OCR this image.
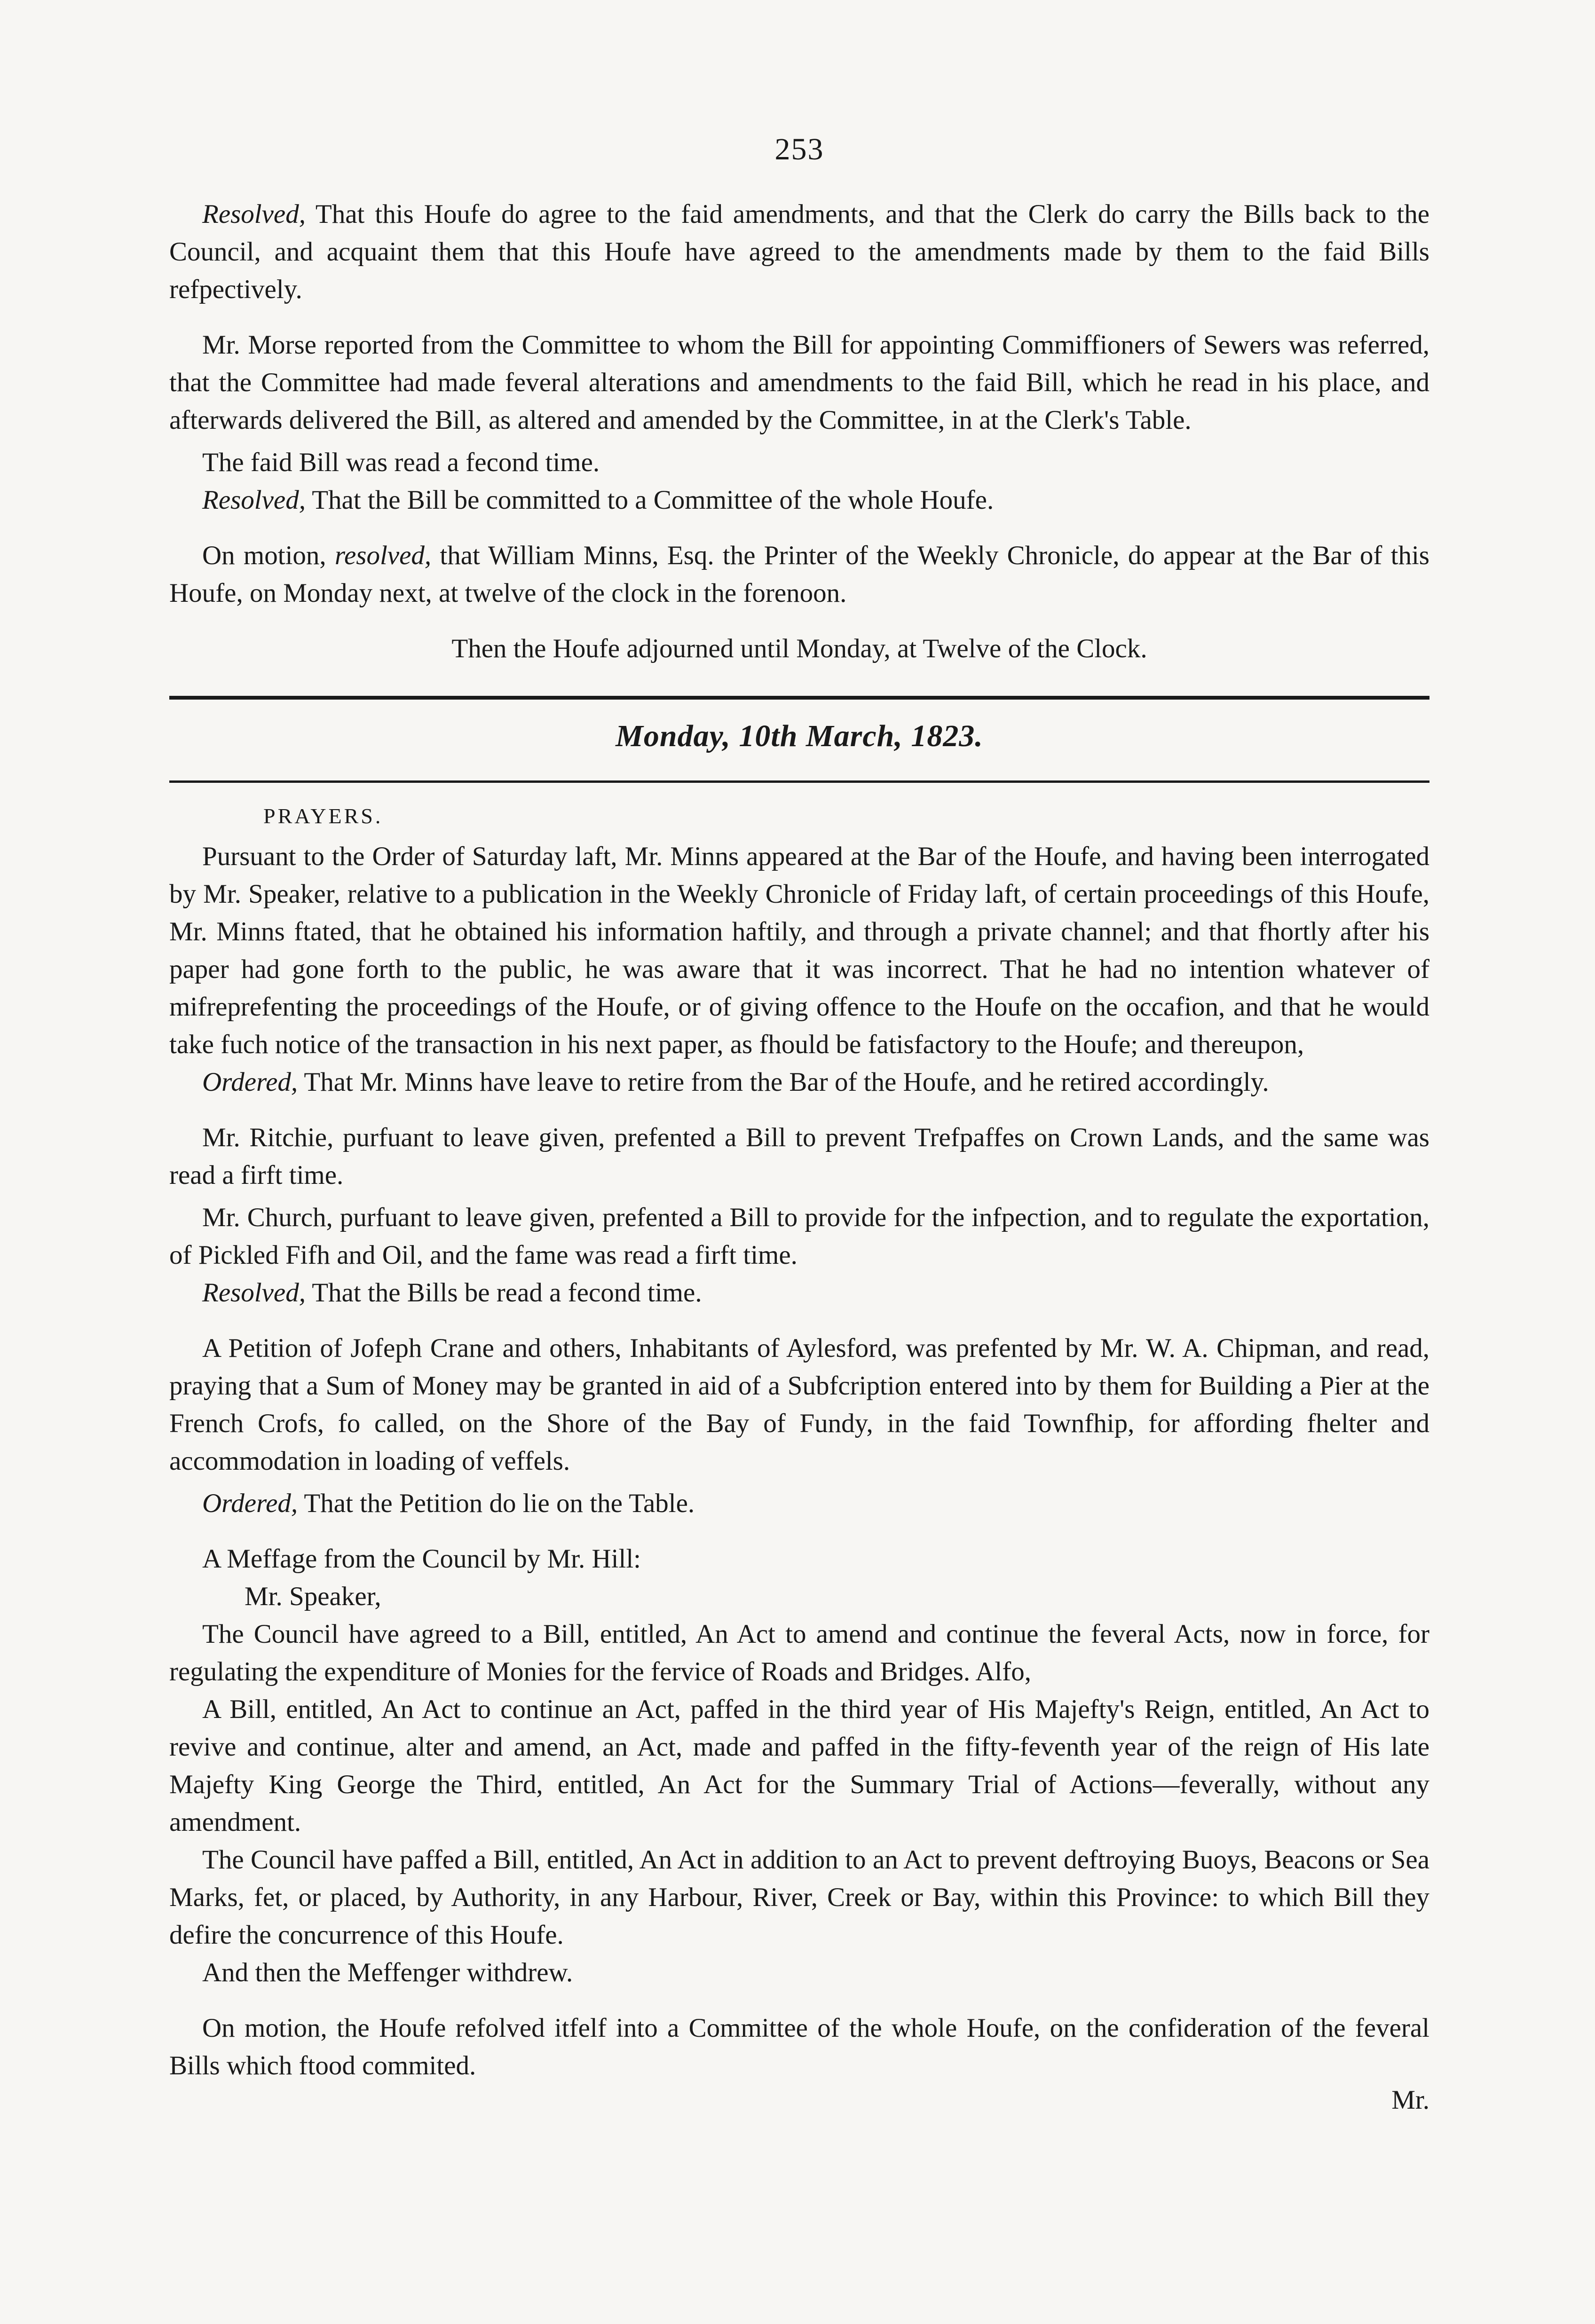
253

Resolved, That this Houfe do agree to the faid amendments, and that the Clerk do carry the Bills back to the Council, and acquaint them that this Houfe have agreed to the amendments made by them to the faid Bills refpectively.

Mr. Morse reported from the Committee to whom the Bill for appointing Commiffioners of Sewers was referred, that the Committee had made feveral alterations and amendments to the faid Bill, which he read in his place, and afterwards delivered the Bill, as altered and amended by the Committee, in at the Clerk's Table.

The faid Bill was read a fecond time.

Resolved, That the Bill be committed to a Committee of the whole Houfe.

On motion, resolved, that William Minns, Esq. the Printer of the Weekly Chronicle, do appear at the Bar of this Houfe, on Monday next, at twelve of the clock in the forenoon.

Then the Houfe adjourned until Monday, at Twelve of the Clock.

Monday, 10th March, 1823.
PRAYERS.

Pursuant to the Order of Saturday laft, Mr. Minns appeared at the Bar of the Houfe, and having been interrogated by Mr. Speaker, relative to a publication in the Weekly Chronicle of Friday laft, of certain proceedings of this Houfe, Mr. Minns ftated, that he obtained his information haftily, and through a private channel; and that fhortly after his paper had gone forth to the public, he was aware that it was incorrect. That he had no intention whatever of mifreprefenting the proceedings of the Houfe, or of giving offence to the Houfe on the occafion, and that he would take fuch notice of the transaction in his next paper, as fhould be fatisfactory to the Houfe; and thereupon,

Ordered, That Mr. Minns have leave to retire from the Bar of the Houfe, and he retired accordingly.

Mr. Ritchie, purfuant to leave given, prefented a Bill to prevent Trefpaffes on Crown Lands, and the same was read a firft time.

Mr. Church, purfuant to leave given, prefented a Bill to provide for the infpection, and to regulate the exportation, of Pickled Fifh and Oil, and the fame was read a firft time.

Resolved, That the Bills be read a fecond time.

A Petition of Jofeph Crane and others, Inhabitants of Aylesford, was prefented by Mr. W. A. Chipman, and read, praying that a Sum of Money may be granted in aid of a Subfcription entered into by them for Building a Pier at the French Crofs, fo called, on the Shore of the Bay of Fundy, in the faid Townfhip, for affording fhelter and accommodation in loading of veffels.

Ordered, That the Petition do lie on the Table.

A Meffage from the Council by Mr. Hill:

Mr. Speaker,

The Council have agreed to a Bill, entitled, An Act to amend and continue the feveral Acts, now in force, for regulating the expenditure of Monies for the fervice of Roads and Bridges. Alfo,

A Bill, entitled, An Act to continue an Act, paffed in the third year of His Majefty's Reign, entitled, An Act to revive and continue, alter and amend, an Act, made and paffed in the fifty-feventh year of the reign of His late Majefty King George the Third, entitled, An Act for the Summary Trial of Actions—feverally, without any amendment.

The Council have paffed a Bill, entitled, An Act in addition to an Act to prevent deftroying Buoys, Beacons or Sea Marks, fet, or placed, by Authority, in any Harbour, River, Creek or Bay, within this Province: to which Bill they defire the concurrence of this Houfe.

And then the Meffenger withdrew.

On motion, the Houfe refolved itfelf into a Committee of the whole Houfe, on the confideration of the feveral Bills which ftood commited.

Mr.
